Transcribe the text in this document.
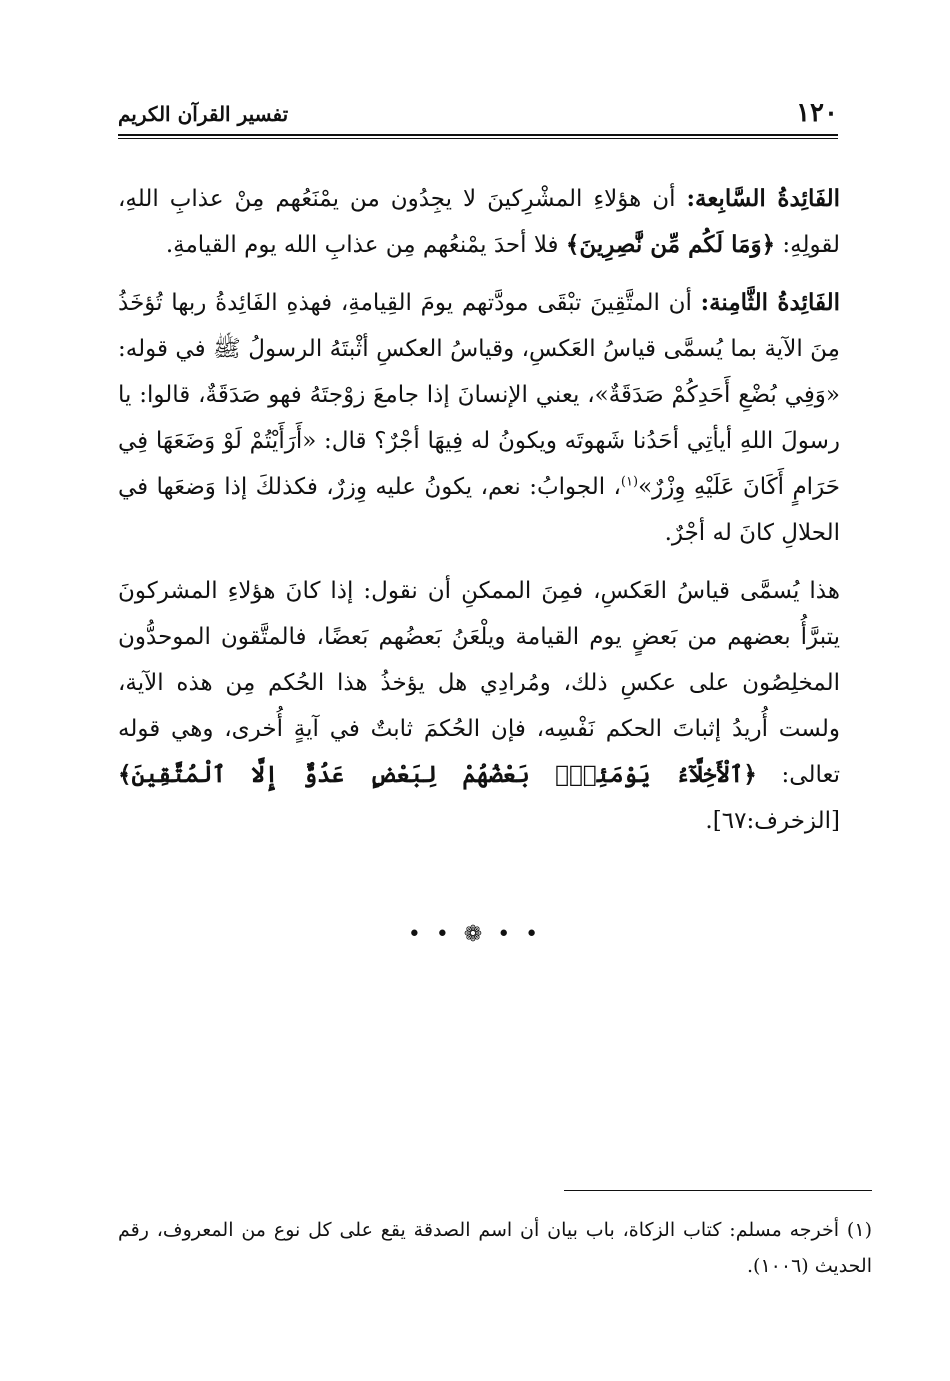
١٢٠
تفسير القرآن الكريم

الفَائِدةُ السَّابِعة: أن هؤلاءِ المشْرِكينَ لا يجِدُون من يمْنَعُهم مِنْ عذابِ اللهِ، لقولِهِ: ﴿وَمَا لَكُم مِّن نَّٰصِرِينَ﴾ فلا أحدَ يمْنعُهم مِن عذابِ الله يوم القيامةِ.

الفَائِدةُ الثَّامِنة: أن المتَّقِينَ تبْقَى مودَّتهم يومَ القِيامةِ، فهذهِ الفَائِدةُ ربها تُؤخَذُ مِنَ الآية بما يُسمَّى قياسُ العَكسِ، وقياسُ العكسِ أثْبتَهُ الرسولُ ﷺ في قوله: «وَفِي بُضْعِ أَحَدِكُمْ صَدَقَةٌ»، يعني الإنسانَ إذا جامعَ زوْجتَهُ فهو صَدَقَةٌ، قالوا: يا رسولَ اللهِ أيأتِي أحَدُنا شَهوتَه ويكونُ له فِيهَا أجْرٌ؟ قال: «أَرَأَيْتُمْ لَوْ وَضَعَهَا فِي حَرَامٍ أَكَانَ عَلَيْهِ وِزْرٌ»$^{(١)}$، الجوابُ: نعم، يكونُ عليه وِزرٌ، فكذلكَ إذا وَضعَها في الحلالِ كانَ له أجْرٌ.

هذا يُسمَّى قياسُ العَكسِ، فمِنَ الممكنِ أن نقول: إذا كانَ هؤلاءِ المشركونَ يتبرَّأُ بعضهم من بَعضٍ يوم القيامة ويلْعَنُ بَعضُهم بَعضًا، فالمتَّقون الموحدُّون المخلِصُون على عكسِ ذلك، ومُرادِي هل يؤخذُ هذا الحُكم مِن هذه الآية، ولست أُريدُ إثباتَ الحكم نَفْسِه، فإن الحُكمَ ثابتٌ في آيةٍ أُخرى، وهي قوله تعالى: ﴿ٱلْأَخِلَّآءُ يَوْمَئِذٍۭ بَعْضُهُمْ لِبَعْضٍ عَدُوٌّ إِلَّا ٱلْمُتَّقِينَ﴾ [الزخرف:٦٧].

• • ❁ • •
(١) أخرجه مسلم: كتاب الزكاة، باب بيان أن اسم الصدقة يقع على كل نوع من المعروف، رقم الحديث (١٠٠٦).
